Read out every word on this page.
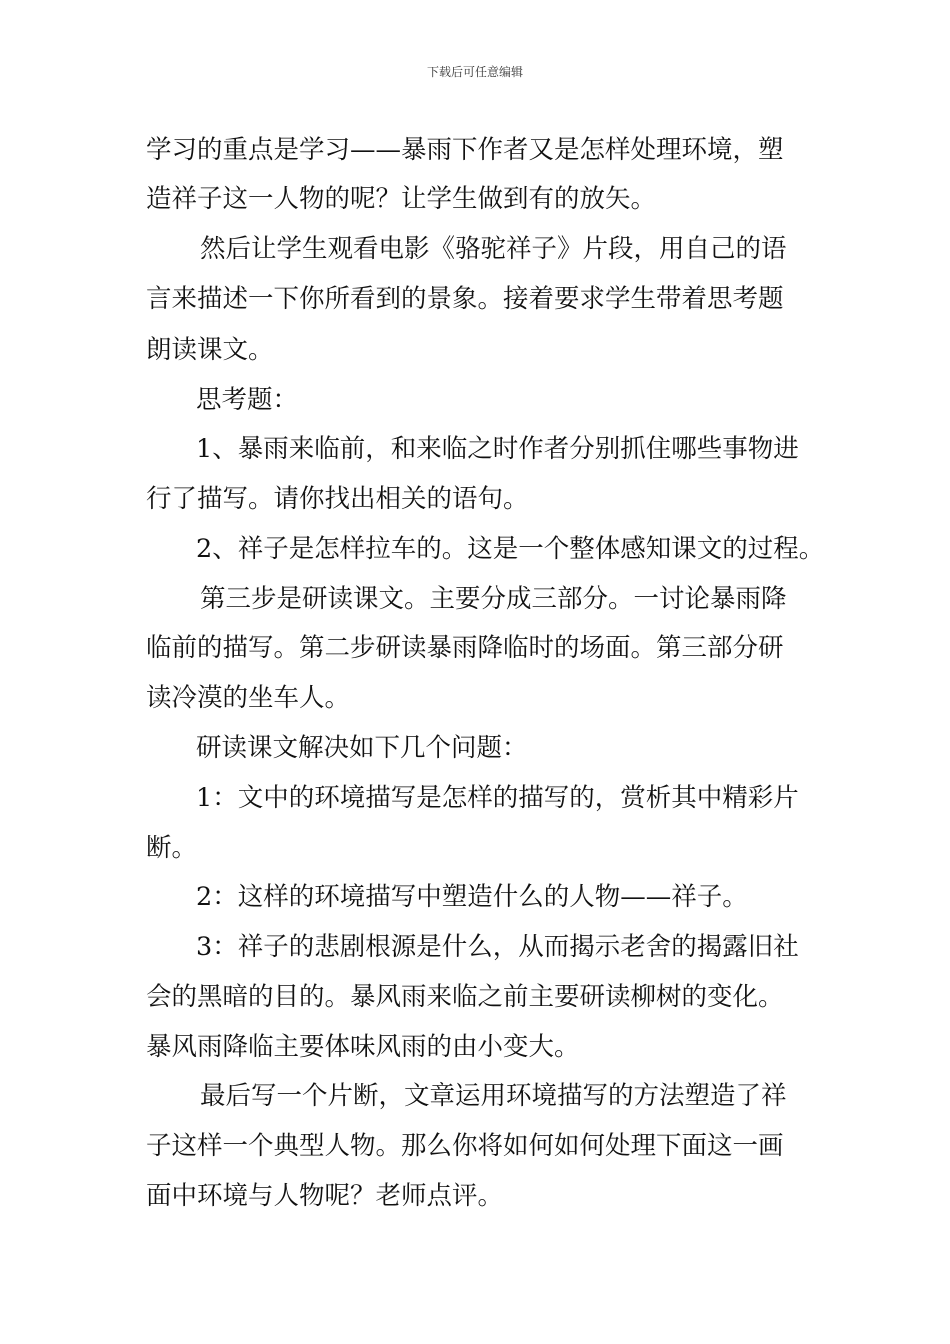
下载后可任意编辑
学习的重点是学习——暴雨下作者又是怎样处理环境，塑
造祥子这一人物的呢？让学生做到有的放矢。
然后让学生观看电影《骆驼祥子》片段，用自己的语
言来描述一下你所看到的景象。接着要求学生带着思考题
朗读课文。
思考题：
1、暴雨来临前，和来临之时作者分别抓住哪些事物进
行了描写。请你找出相关的语句。
2、祥子是怎样拉车的。这是一个整体感知课文的过程。
第三步是研读课文。主要分成三部分。一讨论暴雨降
临前的描写。第二步研读暴雨降临时的场面。第三部分研
读冷漠的坐车人。
研读课文解决如下几个问题：
1：文中的环境描写是怎样的描写的，赏析其中精彩片
断。
2：这样的环境描写中塑造什么的人物——祥子。
3：祥子的悲剧根源是什么，从而揭示老舍的揭露旧社
会的黑暗的目的。暴风雨来临之前主要研读柳树的变化。
暴风雨降临主要体味风雨的由小变大。
最后写一个片断，文章运用环境描写的方法塑造了祥
子这样一个典型人物。那么你将如何如何处理下面这一画
面中环境与人物呢？老师点评。
